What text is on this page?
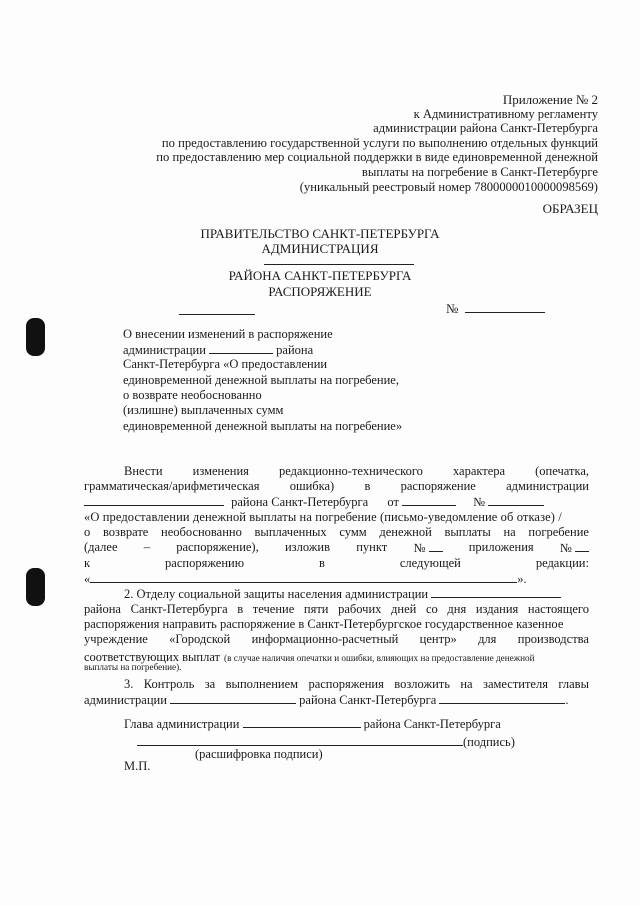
Приложение № 2
к Административному регламенту
администрации района Санкт-Петербурга
по предоставлению государственной услуги по выполнению отдельных функций
по предоставлению мер социальной поддержки в виде единовременной денежной
выплаты на погребение в Санкт-Петербурге
(уникальный реестровый номер 7800000010000098569)
ОБРАЗЕЦ
ПРАВИТЕЛЬСТВО САНКТ-ПЕТЕРБУРГА
АДМИНИСТРАЦИЯ
РАЙОНА САНКТ-ПЕТЕРБУРГА
РАСПОРЯЖЕНИЕ
№
О внесении изменений в распоряжение
администрации	района
Санкт-Петербурга «О предоставлении
единовременной денежной выплаты на погребение,
о возврате необоснованно
(излишне) выплаченных сумм
единовременной денежной выплаты на погребение»
Внести изменения редакционно-технического характера (опечатка,
грамматическая/арифметическая ошибка) в распоряжение администрации
района Санкт-Петербурга от	№
«О предоставлении денежной выплаты на погребение (письмо-уведомление об отказе) /
о возврате необоснованно выплаченных сумм денежной выплаты на погребение
(далее – распоряжение), изложив пункт №	приложения №
к	распоряжению	в	следующей	редакции:
«	».
2. Отделу социальной защиты населения администрации
района Санкт-Петербурга в течение пяти рабочих дней со дня издания настоящего
распоряжения направить распоряжение в Санкт-Петербургское государственное казенное
учреждение «Городской информационно-расчетный центр» для производства
соответствующих выплат (в случае наличия опечатки и ошибки, влияющих на предоставление денежной
выплаты на погребение).
3. Контроль за выполнением распоряжения возложить на заместителя главы
администрации	района Санкт-Петербурга	.
Глава администрации	района Санкт-Петербурга
(подпись)
(расшифровка подписи)
М.П.
